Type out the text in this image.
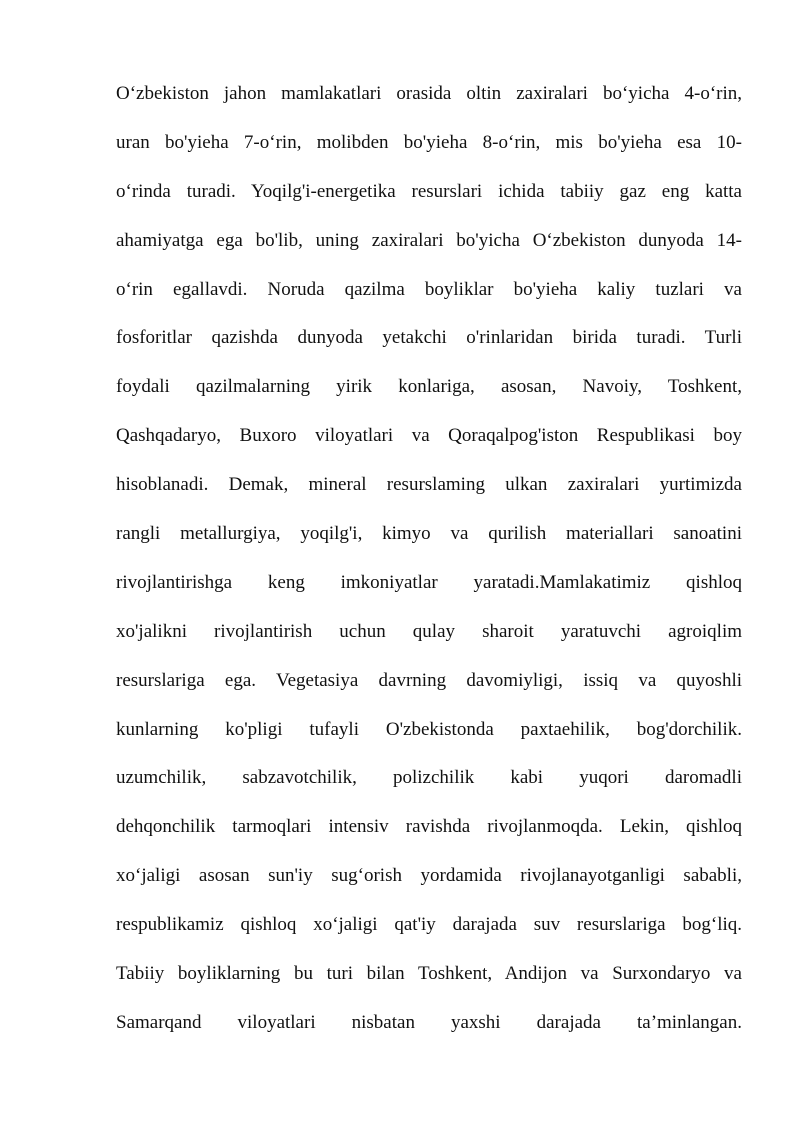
O‘zbekiston jahon mamlakatlari orasida oltin zaxiralari bo‘yicha 4-o‘rin,
uran bo'yieha 7-o‘rin, molibden bo'yieha 8-o‘rin, mis bo'yieha esa 10-
o‘rinda turadi. Yoqilg'i-energetika resurslari ichida tabiiy gaz eng katta
ahamiyatga ega bo'lib, uning zaxiralari bo'yicha O‘zbekiston dunyoda 14-
o‘rin egallavdi. Noruda qazilma boyliklar bo'yieha kaliy tuzlari va
fosforitlar qazishda dunyoda yetakchi o'rinlaridan birida turadi. Turli
foydali qazilmalarning yirik konlariga, asosan, Navoiy, Toshkent,
Qashqadaryo, Buxoro viloyatlari va Qoraqalpog'iston Respublikasi boy
hisoblanadi. Demak, mineral resurslaming ulkan zaxiralari yurtimizda
rangli metallurgiya, yoqilg'i, kimyo va qurilish materiallari sanoatini
rivojlantirishga keng imkoniyatlar yaratadi.Mamlakatimiz qishloq
xo'jalikni rivojlantirish uchun qulay sharoit yaratuvchi agroiqlim
resurslariga ega. Vegetasiya davrning davomiyligi, issiq va quyoshli
kunlarning ko'pligi tufayli O'zbekistonda paxtaehilik, bog'dorchilik.
uzumchilik, sabzavotchilik, polizchilik kabi yuqori daromadli
dehqonchilik tarmoqlari intensiv ravishda rivojlanmoqda. Lekin, qishloq
xo‘jaligi asosan sun'iy sug‘orish yordamida rivojlanayotganligi sababli,
respublikamiz qishloq xo‘jaligi qat'iy darajada suv resurslariga bog‘liq.
Tabiiy boyliklarning bu turi bilan Toshkent, Andijon va Surxondaryo va
Samarqand viloyatlari nisbatan yaxshi darajada ta’minlangan.
